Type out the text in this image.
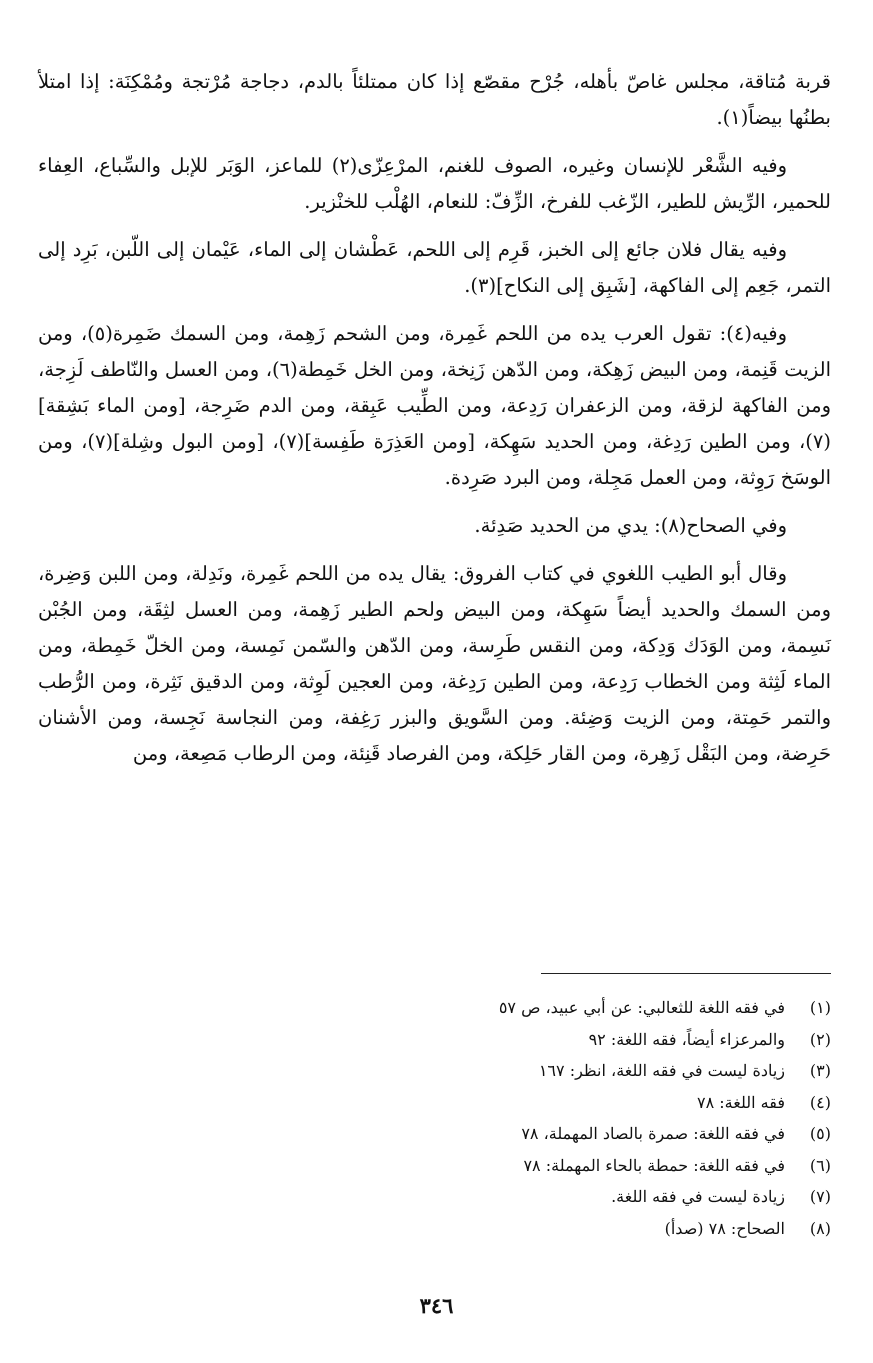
قربة مُتاقة، مجلس غاصّ بأهله، جُرْح مقصّع إذا كان ممتلئاً بالدم، دجاجة مُرْتجة ومُمْكِنَة: إذا امتلأ بطنُها بيضاً(١).

وفيه الشَّعْر للإنسان وغيره، الصوف للغنم، المرْعِزّى(٢) للماعز، الوَبَر للإبل والسِّباع، العِفاء للحمير، الرِّيش للطير، الزّغب للفرخ، الزِّفّ: للنعام، الهُلْب للخنْزير.

وفيه يقال فلان جائع إلى الخبز، قَرِم إلى اللحم، عَطْشان إلى الماء، عَيْمان إلى اللّبن، بَرِد إلى التمر، جَعِم إلى الفاكهة، [شَبِق إلى النكاح](٣).

وفيه(٤): تقول العرب يده من اللحم غَمِرة، ومن الشحم زَهِمة، ومن السمك ضَمِرة(٥)، ومن الزيت قَنِمة، ومن البيض زَهِكة، ومن الدّهن زَنِخة، ومن الخل خَمِطة(٦)، ومن العسل والنّاطف لَزِجة، ومن الفاكهة لزقة، ومن الزعفران رَدِعة، ومن الطِّيب عَبِقة، ومن الدم ضَرِجة، [ومن الماء بَشِقة](٧)، ومن الطين رَدِغة، ومن الحديد سَهِكة، [ومن العَذِرَة طَفِسة](٧)، [ومن البول وشِلة](٧)، ومن الوسَخ رَوِثة، ومن العمل مَجِلة، ومن البرد صَرِدة.

وفي الصحاح(٨): يدي من الحديد صَدِئة.

وقال أبو الطيب اللغوي في كتاب الفروق: يقال يده من اللحم غَمِرة، ونَدِلة، ومن اللبن وَضِرة، ومن السمك والحديد أيضاً سَهِكة، ومن البيض ولحم الطير زَهِمة، ومن العسل لثِقَة، ومن الجُبْن نَسِمة، ومن الوَدَك وَدِكة، ومن النقس طَرِسة، ومن الدّهن والسّمن نَمِسة، ومن الخلّ خَمِطة، ومن الماء لَثِثة ومن الخطاب رَدِعة، ومن الطين رَدِغة، ومن العجين لَوِثة، ومن الدقيق نَثِرة، ومن الرُّطب والتمر حَمِتة، ومن الزيت وَضِئة. ومن السَّويق والبزر رَغِفة، ومن النجاسة نَجِسة، ومن الأشنان حَرِضة، ومن البَقْل زَهِرة، ومن القار حَلِكة، ومن الفرصاد قَنِئة، ومن الرطاب مَصِعة، ومن

(١)
في فقه اللغة للثعالبي: عن أبي عبيد، ص ٥٧
(٢)
والمرعزاء أيضاً، فقه اللغة: ٩٢
(٣)
زيادة ليست في فقه اللغة، انظر: ١٦٧
(٤)
فقه اللغة: ٧٨
(٥)
في فقه اللغة: صمرة بالصاد المهملة، ٧٨
(٦)
في فقه اللغة: حمطة بالحاء المهملة: ٧٨
(٧)
زيادة ليست في فقه اللغة.
(٨)
الصحاح: ٧٨ (صدأ)
٣٤٦
